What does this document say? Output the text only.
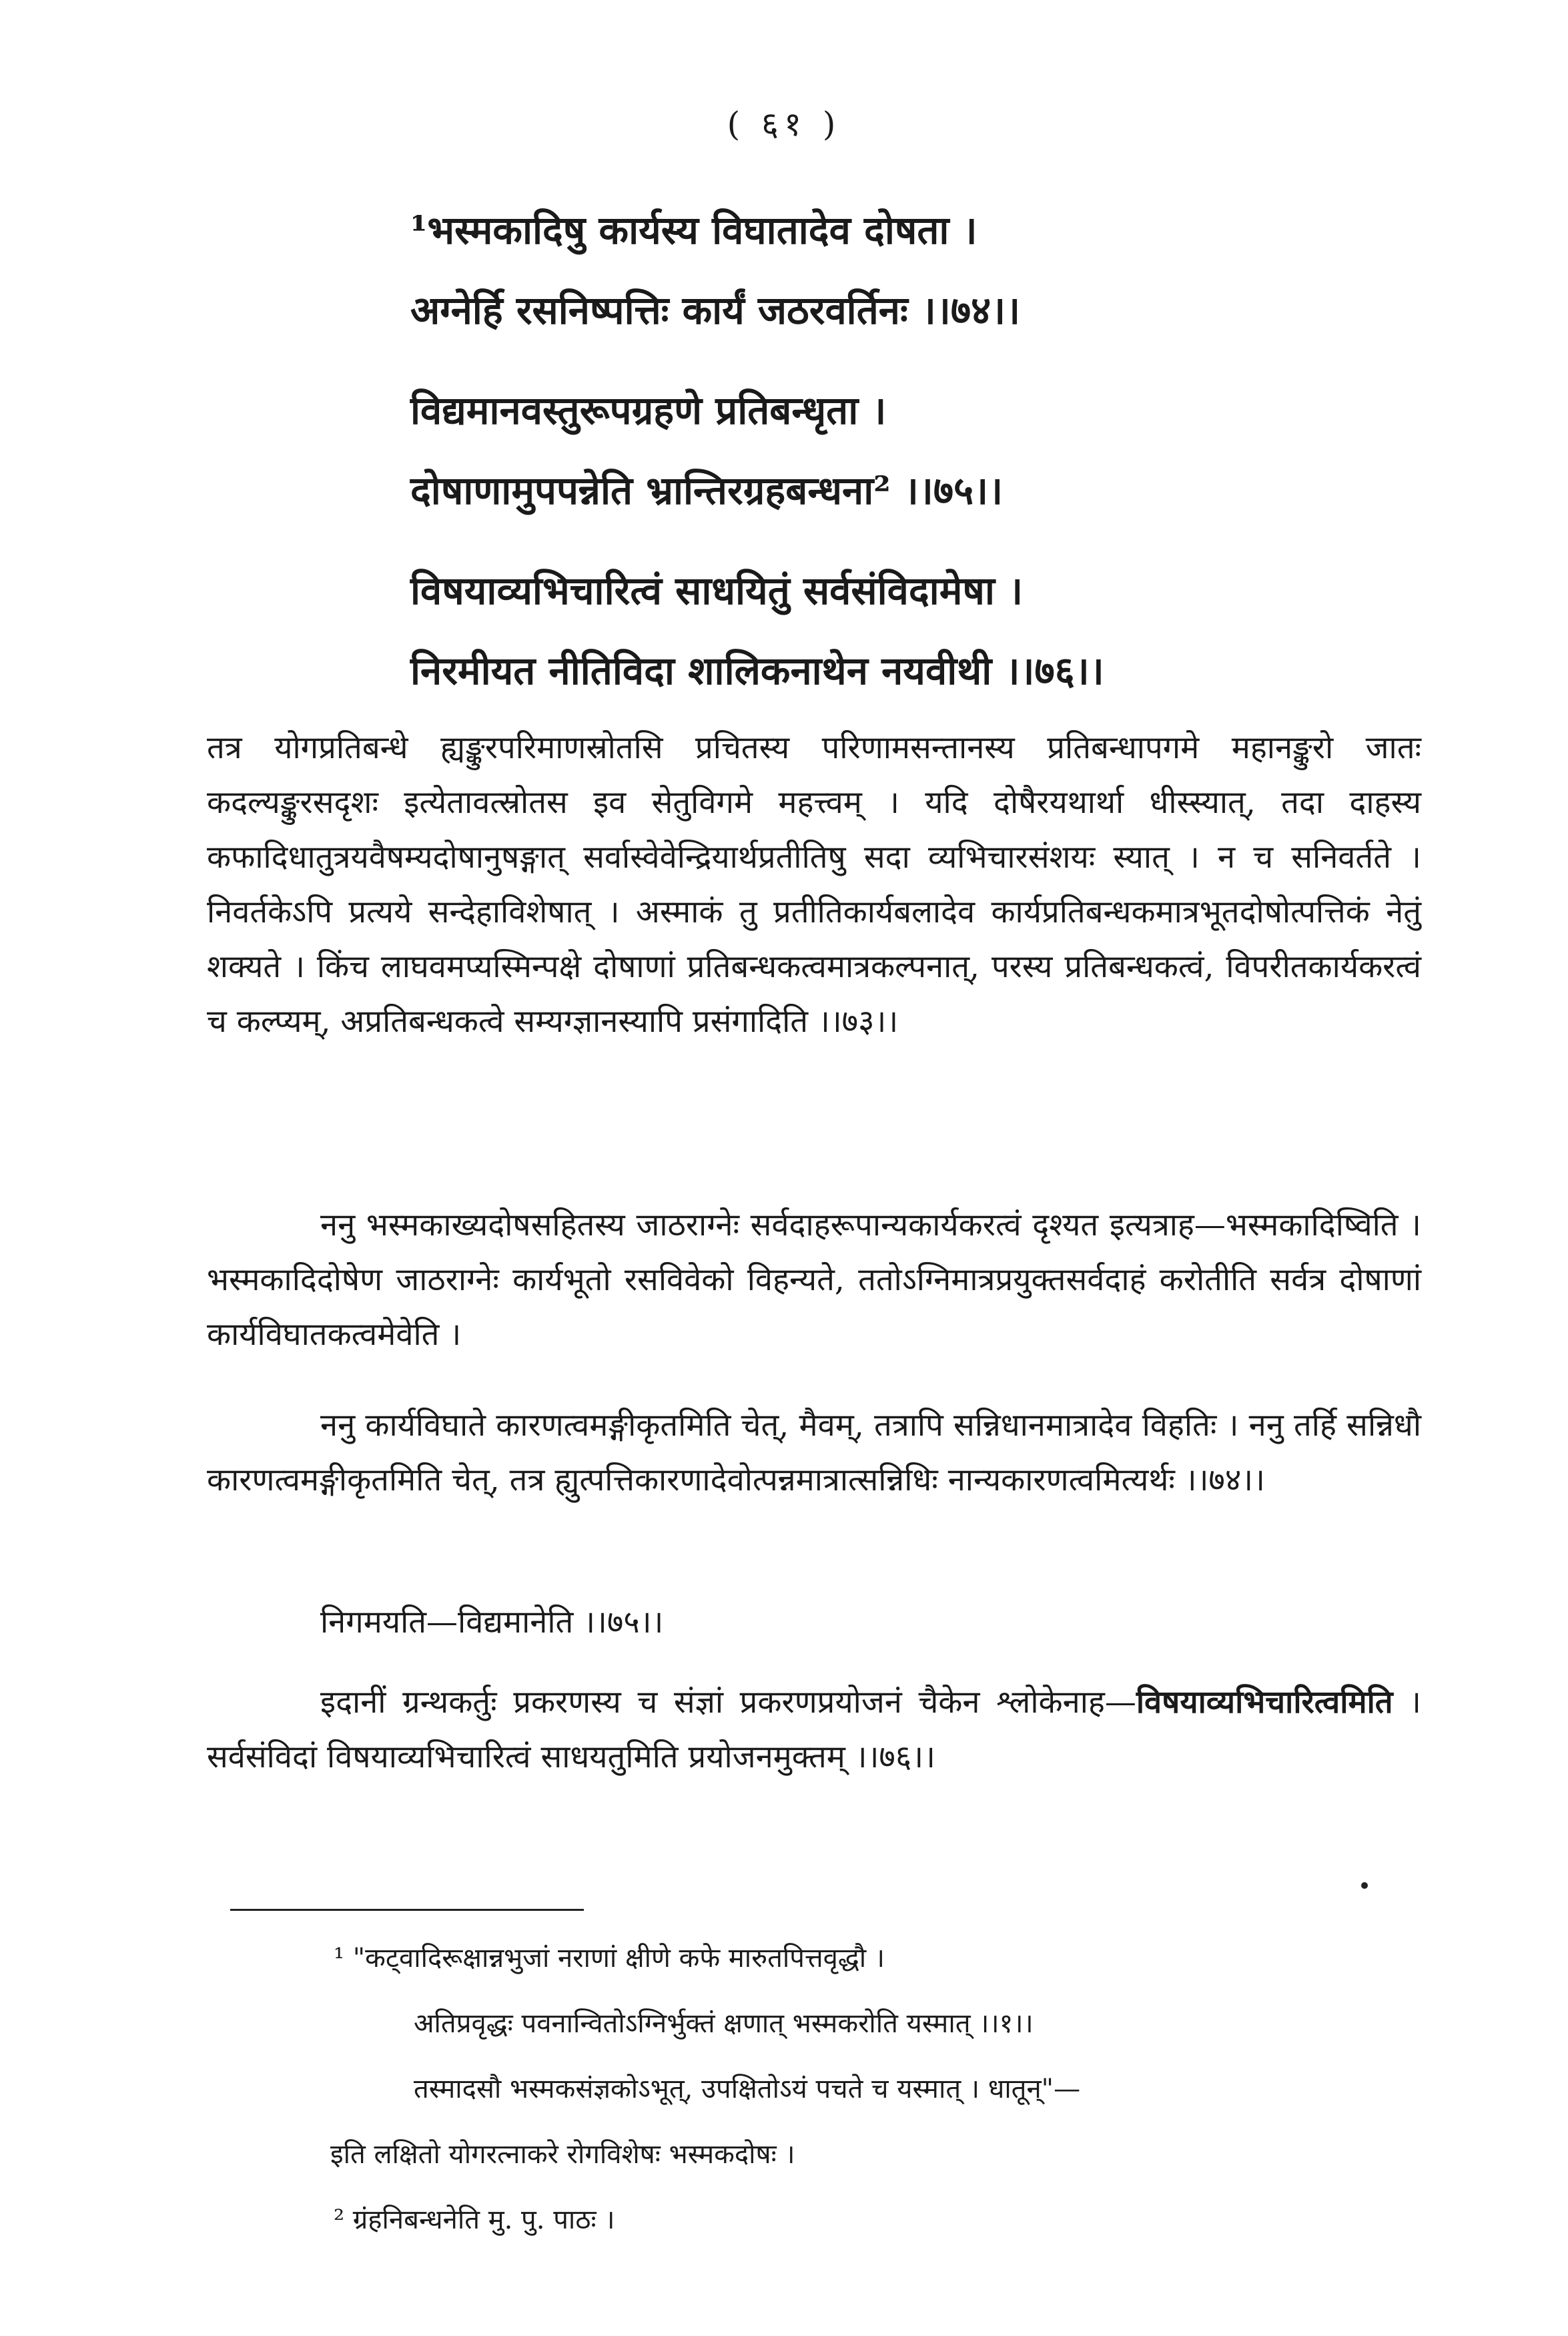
( ६१ )
¹भस्मकादिषु कार्यस्य विघातादेव दोषता ।
अग्नेर्हि रसनिष्पत्तिः कार्यं जठरवर्तिनः ।।७४।।
विद्यमानवस्तुरूपग्रहणे प्रतिबन्धृता ।
दोषाणामुपपन्नेति भ्रान्तिरग्रहबन्धना² ।।७५।।
विषयाव्यभिचारित्वं साधयितुं सर्वसंविदामेषा ।
निरमीयत नीतिविदा शालिकनाथेन नयवीथी ।।७६।।

तत्र योगप्रतिबन्धे ह्यङ्कुरपरिमाणस्रोतसि प्रचितस्य परिणामसन्तानस्य प्रतिबन्धापगमे महानङ्कुरो जातः कदल्यङ्कुरसदृशः इत्येतावत्स्रोतस इव सेतुविगमे महत्त्वम् । यदि दोषैरयथार्था धीस्स्यात्, तदा दाहस्य कफादिधातुत्रयवैषम्यदोषानुषङ्गात् सर्वास्वेवेन्द्रियार्थप्रतीतिषु सदा व्यभिचारसंशयः स्यात् । न च सनिवर्तते । निवर्तकेऽपि प्रत्यये सन्देहाविशेषात् । अस्माकं तु प्रतीतिकार्यबलादेव कार्यप्रतिबन्धकमात्रभूतदोषोत्पत्तिकं नेतुं शक्यते । किंच लाघवमप्यस्मिन्पक्षे दोषाणां प्रतिबन्धकत्वमात्रकल्पनात्, परस्य प्रतिबन्धकत्वं, विपरीतकार्यकरत्वं च कल्प्यम्, अप्रतिबन्धकत्वे सम्यग्ज्ञानस्यापि प्रसंगादिति ।।७३।।

ननु भस्मकाख्यदोषसहितस्य जाठराग्नेः सर्वदाहरूपान्यकार्यकरत्वं दृश्यत इत्यत्राह—भस्मकादिष्विति । भस्मकादिदोषेण जाठराग्नेः कार्यभूतो रसविवेको विहन्यते, ततोऽग्निमात्रप्रयुक्तसर्वदाहं करोतीति सर्वत्र दोषाणां कार्यविघातकत्वमेवेति ।

ननु कार्यविघाते कारणत्वमङ्गीकृतमिति चेत्, मैवम्, तत्रापि सन्निधानमात्रादेव विहतिः । ननु तर्हि सन्निधौ कारणत्वमङ्गीकृतमिति चेत्, तत्र ह्युत्पत्तिकारणादेवोत्पन्नमात्रात्सन्निधिः नान्यकारणत्वमित्यर्थः ।।७४।।

निगमयति—विद्यमानेति ।।७५।।

इदानीं ग्रन्थकर्तुः प्रकरणस्य च संज्ञां प्रकरणप्रयोजनं चैकेन श्लोकेनाह—विषयाव्यभिचारित्वमिति । सर्वसंविदां विषयाव्यभिचारित्वं साधयतुमिति प्रयोजनमुक्तम् ।।७६।।

¹ "कट्वादिरूक्षान्नभुजां नराणां क्षीणे कफे मारुतपित्तवृद्धौ ।
अतिप्रवृद्धः पवनान्वितोऽग्निर्भुक्तं क्षणात् भस्मकरोति यस्मात् ।।१।।
तस्मादसौ भस्मकसंज्ञकोऽभूत्, उपक्षितोऽयं पचते च यस्मात् । धातून्"—
इति लक्षितो योगरत्नाकरे रोगविशेषः भस्मकदोषः ।
² ग्रंहनिबन्धनेति मु. पु. पाठः ।
